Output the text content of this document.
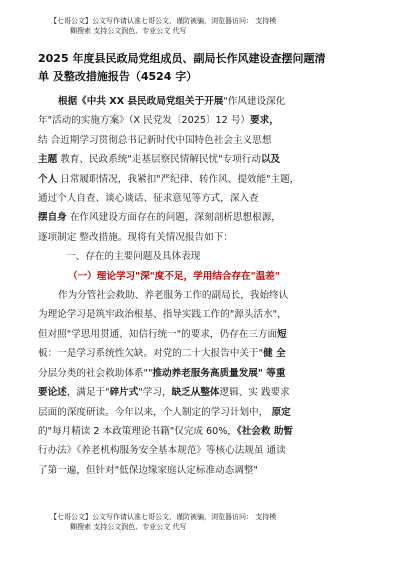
【七哥公文】公文写作请认准七哥公文、谨防被骗，浏览器访问： 支持模
糊搜索 支持公文润色、专业公文 代写
2025 年度县民政局党组成员、副局长作风建设查摆问题清
单 及整改措施报告（4524 字）
根据《中共 XX 县民政局党组关于开展"作风建设深化
年"活动的实施方案》（X 民党发〔2025〕12 号）要求，
结 合近期学习贯彻总书记新时代中国特色社会主义思想
主题 教育、民政系统"走基层察民情解民忧"专项行动以及
个人 日常履职情况，我紧扣"严纪律、转作风、提效能"主题，
通过个人自查、谈心谈话、征求意见等方式，深入查
摆自身 在作风建设方面存在的问题，深刻剖析思想根源，
逐项制定 整改措施。现将有关情况报告如下：
一、存在的主要问题及具体表现
（一）理论学习"深"度不足，学用结合存在"温差"
作为分管社会救助、养老服务工作的副局长，我始终认
为理论学习是筑牢政治根基、指导实践工作的"源头活水"，
但对照"学思用贯通、知信行统一"的要求，仍存在三方面短
板：一是学习系统性欠缺。对党的二十大报告中关于"健 全
分层分类的社会救助体系""推动养老服务高质量发展" 等重
要论述，满足于"碎片式"学习，缺乏从整体逻辑、实 践要求
层面的深度研读。今年以来，个人制定的学习计划中， 原定
的"每月精读 2 本政策理论书籍"仅完成 60%，《社会救 助暂
行办法》《养老机构服务安全基本规范》等核心法规虽 通读
了第一遍，但针对"低保边缘家庭认定标准动态调整"
【七哥公文】公文写作请认准七哥公文、谨防被骗，浏览器访问： 支持模
糊搜索 支持公文润色、专业公文 代写
